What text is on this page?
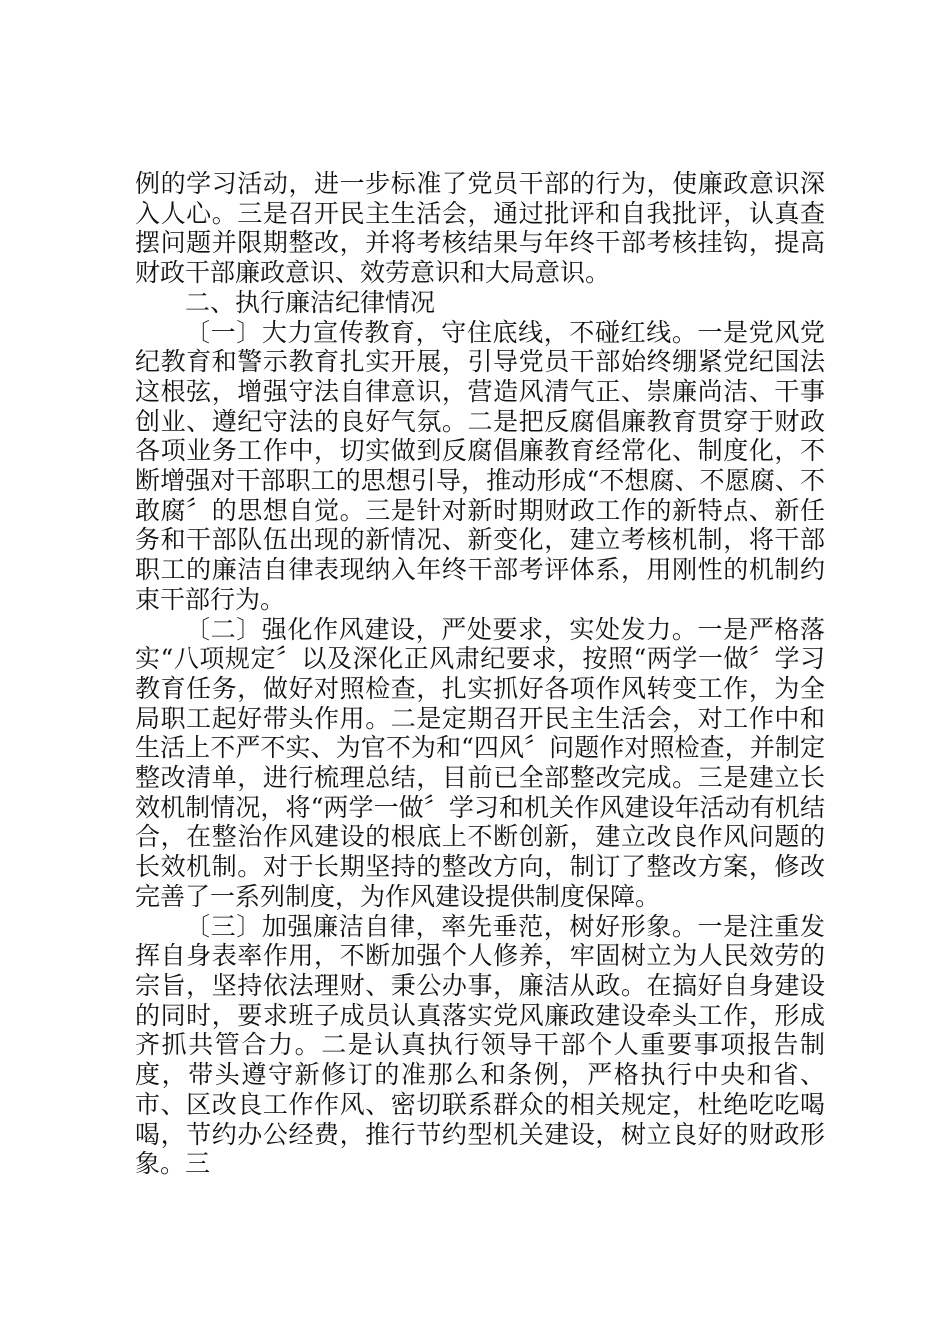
例的学习活动，进一步标准了党员干部的行为，使廉政意识深入人心。三是召开民主生活会，通过批评和自我批评，认真查摆问题并限期整改，并将考核结果与年终干部考核挂钩，提高财政干部廉政意识、效劳意识和大局意识。

二、执行廉洁纪律情况

〔一〕大力宣传教育，守住底线，不碰红线。一是党风党纪教育和警示教育扎实开展，引导党员干部始终绷紧党纪国法这根弦，增强守法自律意识，营造风清气正、崇廉尚洁、干事创业、遵纪守法的良好气氛。二是把反腐倡廉教育贯穿于财政各项业务工作中，切实做到反腐倡廉教育经常化、制度化，不断增强对干部职工的思想引导，推动形成“不想腐、不愿腐、不敢腐〞的思想自觉。三是针对新时期财政工作的新特点、新任务和干部队伍出现的新情况、新变化，建立考核机制，将干部职工的廉洁自律表现纳入年终干部考评体系，用刚性的机制约束干部行为。

〔二〕强化作风建设，严处要求，实处发力。一是严格落实“八项规定〞以及深化正风肃纪要求，按照“两学一做〞学习教育任务，做好对照检查，扎实抓好各项作风转变工作，为全局职工起好带头作用。二是定期召开民主生活会，对工作中和生活上不严不实、为官不为和“四风〞问题作对照检查，并制定整改清单，进行梳理总结，目前已全部整改完成。三是建立长效机制情况，将“两学一做〞学习和机关作风建设年活动有机结合，在整治作风建设的根底上不断创新，建立改良作风问题的长效机制。对于长期坚持的整改方向，制订了整改方案，修改完善了一系列制度，为作风建设提供制度保障。

〔三〕加强廉洁自律，率先垂范，树好形象。一是注重发挥自身表率作用，不断加强个人修养，牢固树立为人民效劳的宗旨，坚持依法理财、秉公办事，廉洁从政。在搞好自身建设的同时，要求班子成员认真落实党风廉政建设牵头工作，形成齐抓共管合力。二是认真执行领导干部个人重要事项报告制度，带头遵守新修订的准那么和条例，严格执行中央和省、市、区改良工作作风、密切联系群众的相关规定，杜绝吃吃喝喝，节约办公经费，推行节约型机关建设，树立良好的财政形象。三
